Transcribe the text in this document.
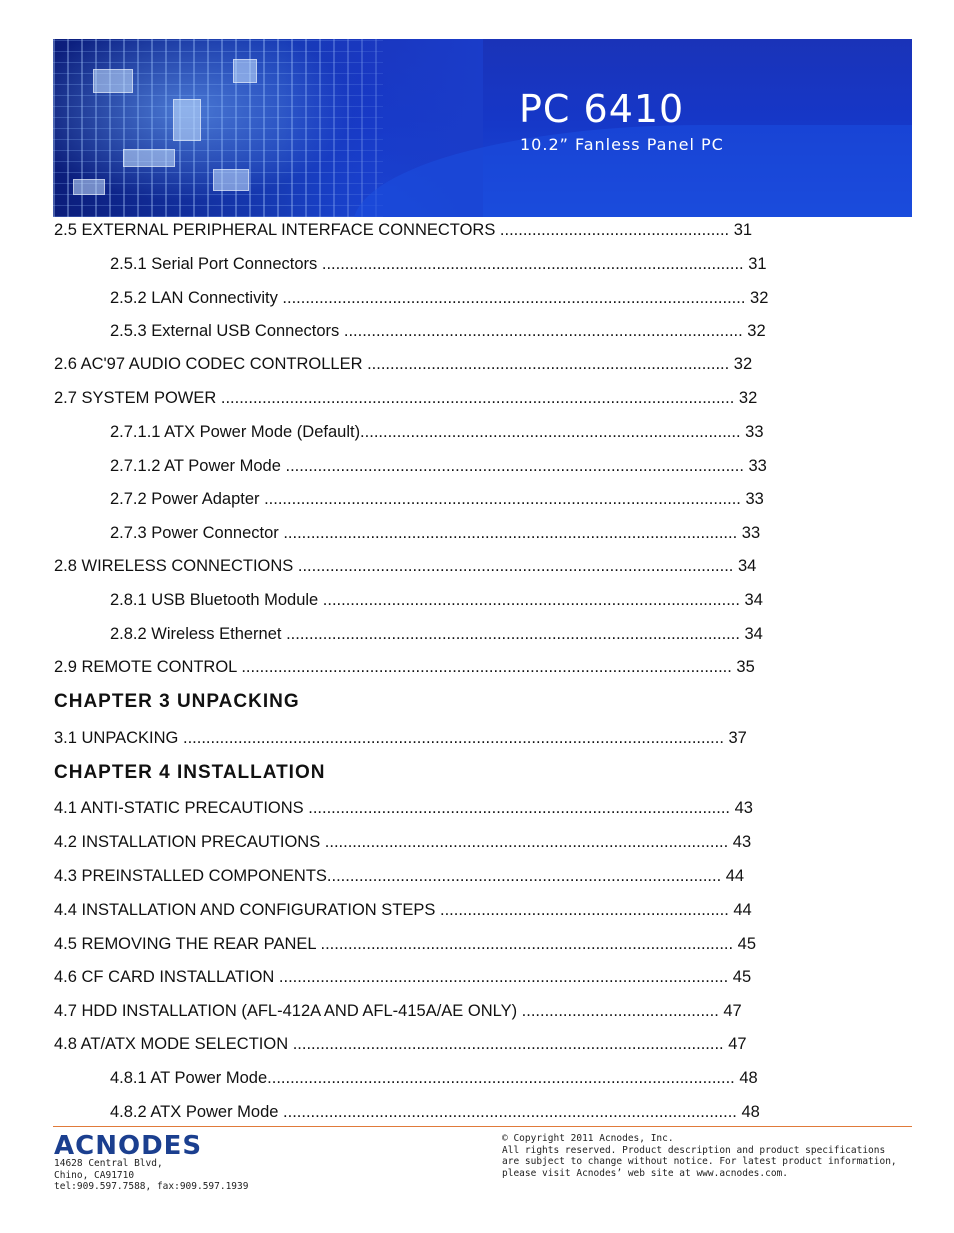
PC 6410
10.2” Fanless Panel PC
2.5 EXTERNAL PERIPHERAL INTERFACE CONNECTORS .................................................. 31
2.5.1 Serial Port Connectors ............................................................................................ 31
2.5.2 LAN Connectivity ..................................................................................................... 32
2.5.3 External USB Connectors ....................................................................................... 32
2.6 AC'97 AUDIO CODEC CONTROLLER ............................................................................... 32
2.7 SYSTEM POWER ................................................................................................................ 32
2.7.1.1 ATX Power Mode (Default)................................................................................... 33
2.7.1.2 AT Power Mode .................................................................................................... 33
2.7.2 Power Adapter ........................................................................................................ 33
2.7.3 Power Connector ................................................................................................... 33
2.8 WIRELESS CONNECTIONS ............................................................................................... 34
2.8.1 USB Bluetooth Module ........................................................................................... 34
2.8.2 Wireless Ethernet ................................................................................................... 34
2.9 REMOTE CONTROL ........................................................................................................... 35
CHAPTER 3 UNPACKING
3.1 UNPACKING ...................................................................................................................... 37
CHAPTER 4 INSTALLATION
4.1 ANTI-STATIC PRECAUTIONS ............................................................................................ 43
4.2 INSTALLATION PRECAUTIONS ........................................................................................ 43
4.3 PREINSTALLED COMPONENTS...................................................................................... 44
4.4 INSTALLATION AND CONFIGURATION STEPS ............................................................... 44
4.5 REMOVING THE REAR PANEL .......................................................................................... 45
4.6 CF CARD INSTALLATION .................................................................................................. 45
4.7 HDD INSTALLATION (AFL-412A AND AFL-415A/AE ONLY) ........................................... 47
4.8 AT/ATX MODE SELECTION .............................................................................................. 47
4.8.1 AT Power Mode...................................................................................................... 48
4.8.2 ATX Power Mode ................................................................................................... 48
ACNODES
14628 Central Blvd,
Chino, CA91710
tel:909.597.7588, fax:909.597.1939
© Copyright 2011 Acnodes, Inc.
All rights reserved. Product description and product specifications
are subject to change without notice. For latest product information,
please visit Acnodes’ web site at www.acnodes.com.
